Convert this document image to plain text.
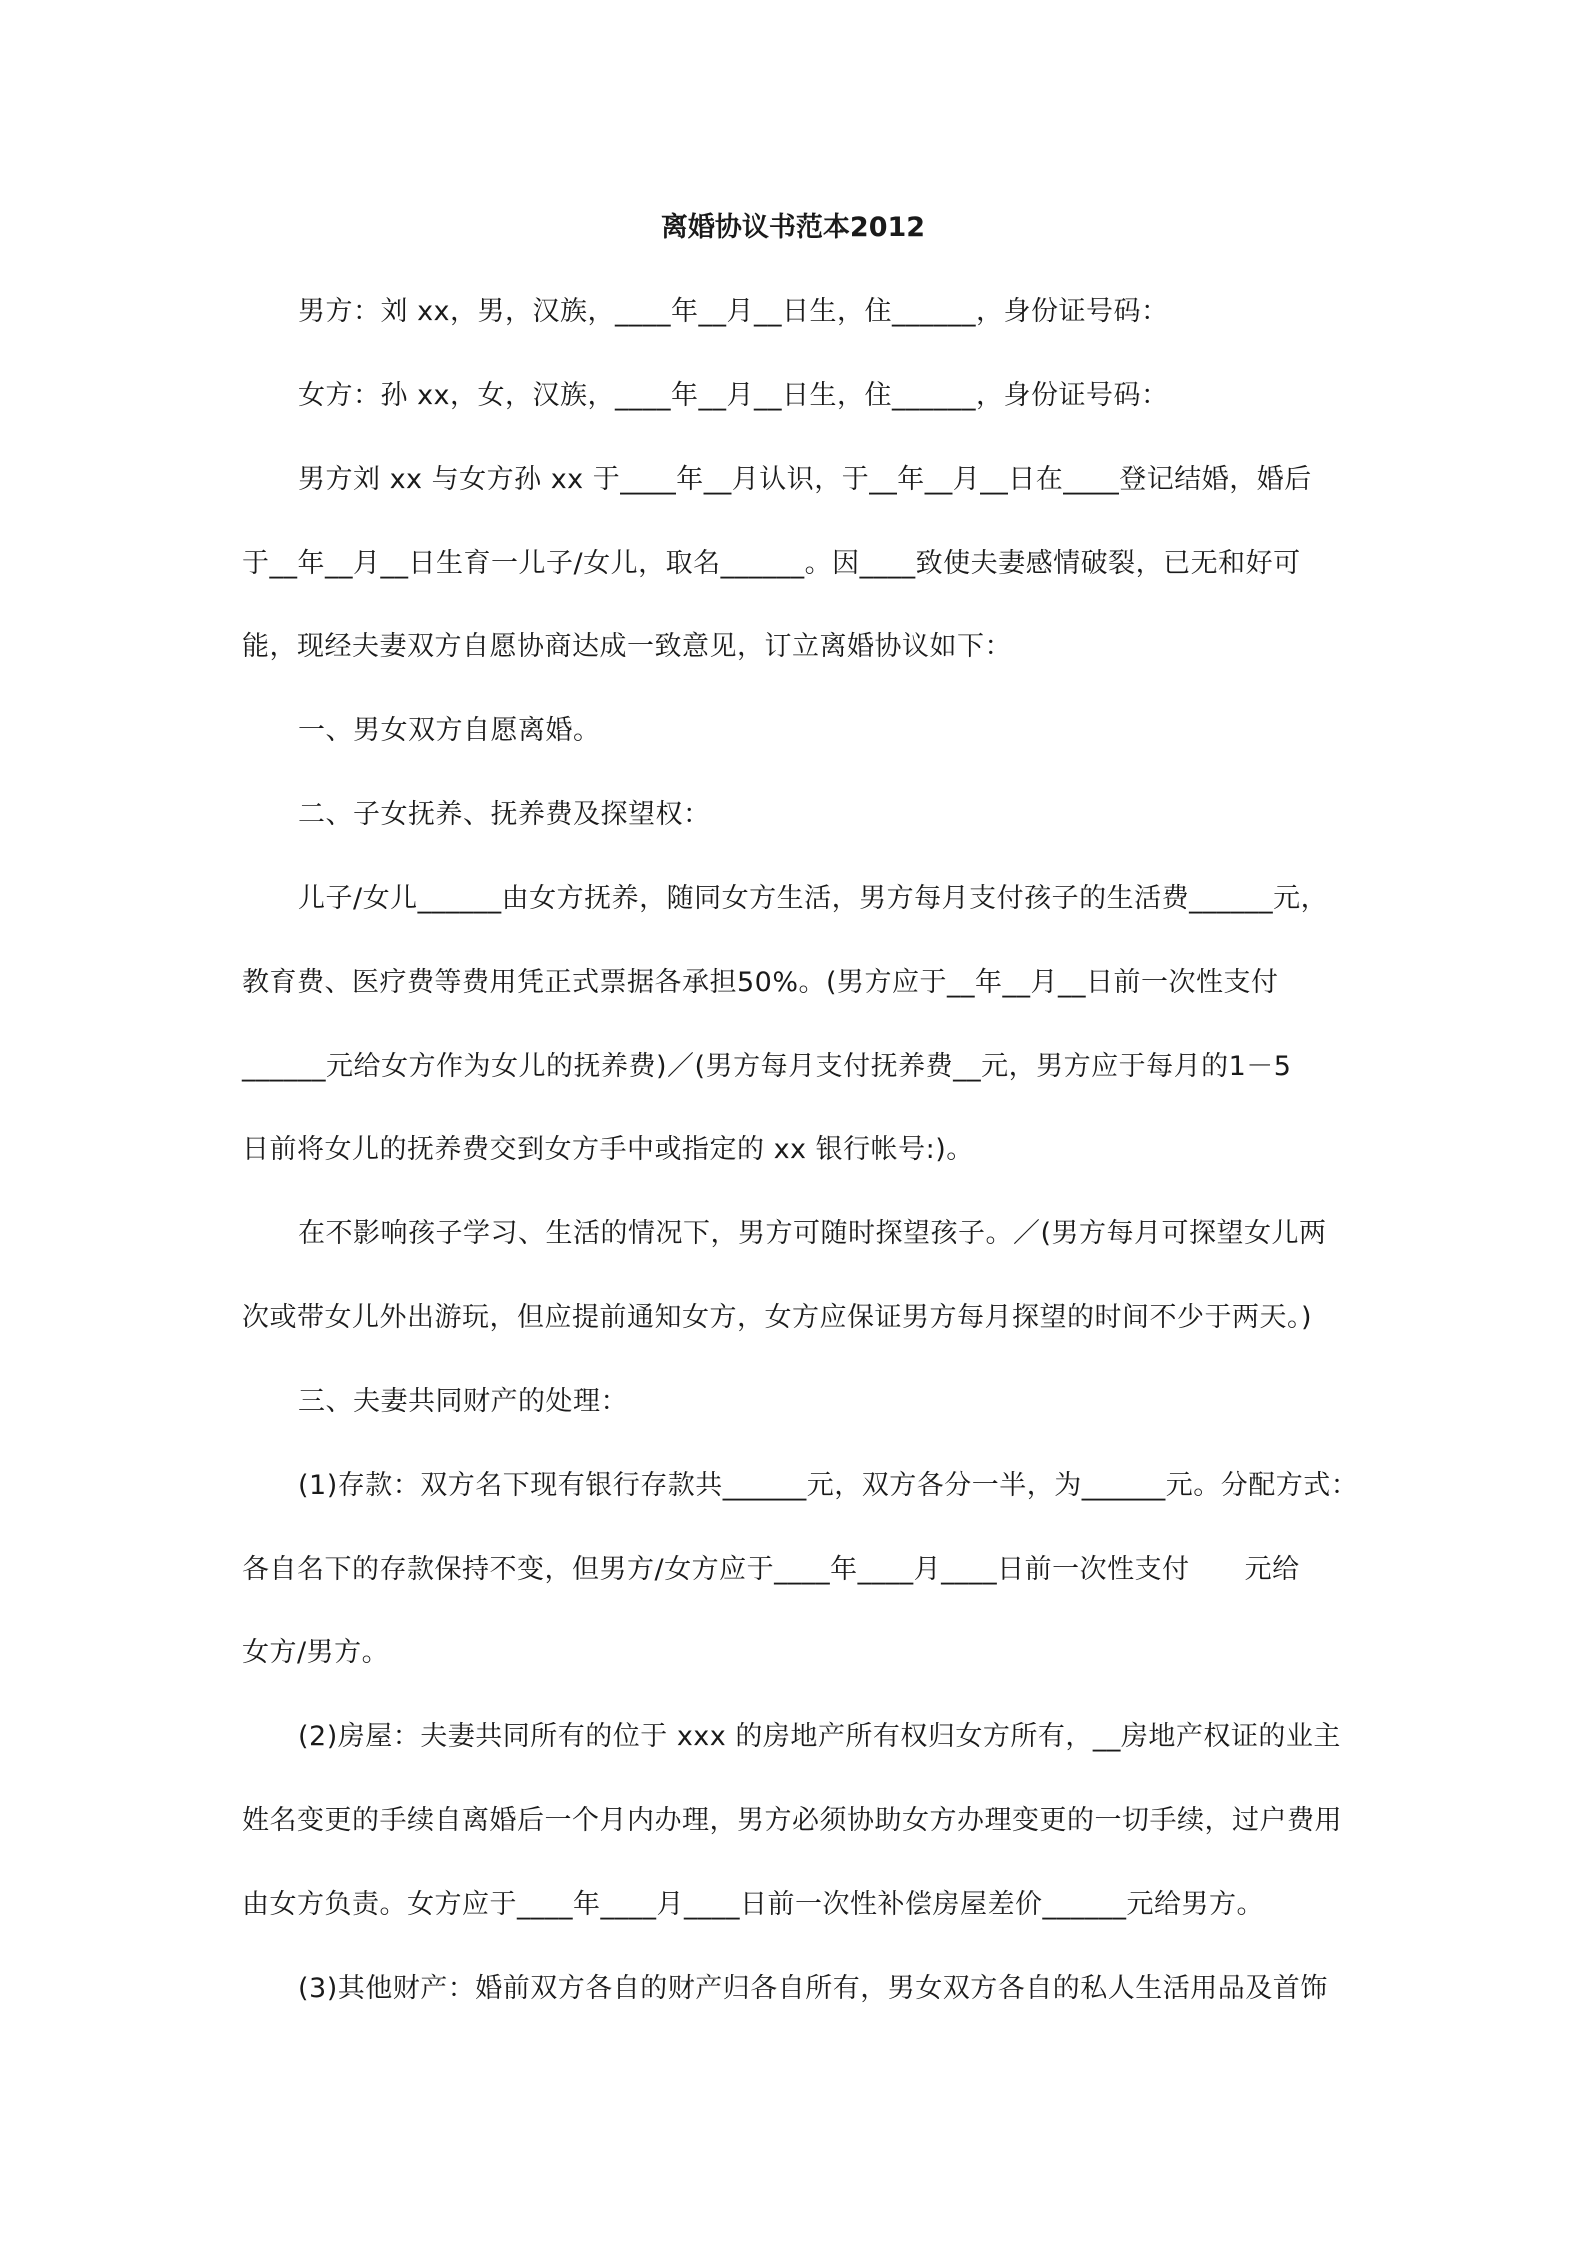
离婚协议书范本2012
男方：刘 xx，男，汉族，____年__月__日生，住______，身份证号码：
女方：孙 xx，女，汉族，____年__月__日生，住______，身份证号码：
男方刘 xx 与女方孙 xx 于____年__月认识，于__年__月__日在____登记结婚，婚后
于__年__月__日生育一儿子/女儿，取名______。因____致使夫妻感情破裂，已无和好可
能，现经夫妻双方自愿协商达成一致意见，订立离婚协议如下：
一、男女双方自愿离婚。
二、子女抚养、抚养费及探望权：
儿子/女儿______由女方抚养，随同女方生活，男方每月支付孩子的生活费______元，
教育费、医疗费等费用凭正式票据各承担50%。(男方应于__年__月__日前一次性支付
______元给女方作为女儿的抚养费)／(男方每月支付抚养费__元，男方应于每月的1－5
日前将女儿的抚养费交到女方手中或指定的 xx 银行帐号:)。
在不影响孩子学习、生活的情况下，男方可随时探望孩子。／(男方每月可探望女儿两
次或带女儿外出游玩，但应提前通知女方，女方应保证男方每月探望的时间不少于两天。)
三、夫妻共同财产的处理：
(1)存款：双方名下现有银行存款共______元，双方各分一半，为______元。分配方式：
各自名下的存款保持不变，但男方/女方应于____年____月____日前一次性支付　　元给
女方/男方。
(2)房屋：夫妻共同所有的位于 xxx 的房地产所有权归女方所有，__房地产权证的业主
姓名变更的手续自离婚后一个月内办理，男方必须协助女方办理变更的一切手续，过户费用
由女方负责。女方应于____年____月____日前一次性补偿房屋差价______元给男方。
(3)其他财产：婚前双方各自的财产归各自所有，男女双方各自的私人生活用品及首饰
